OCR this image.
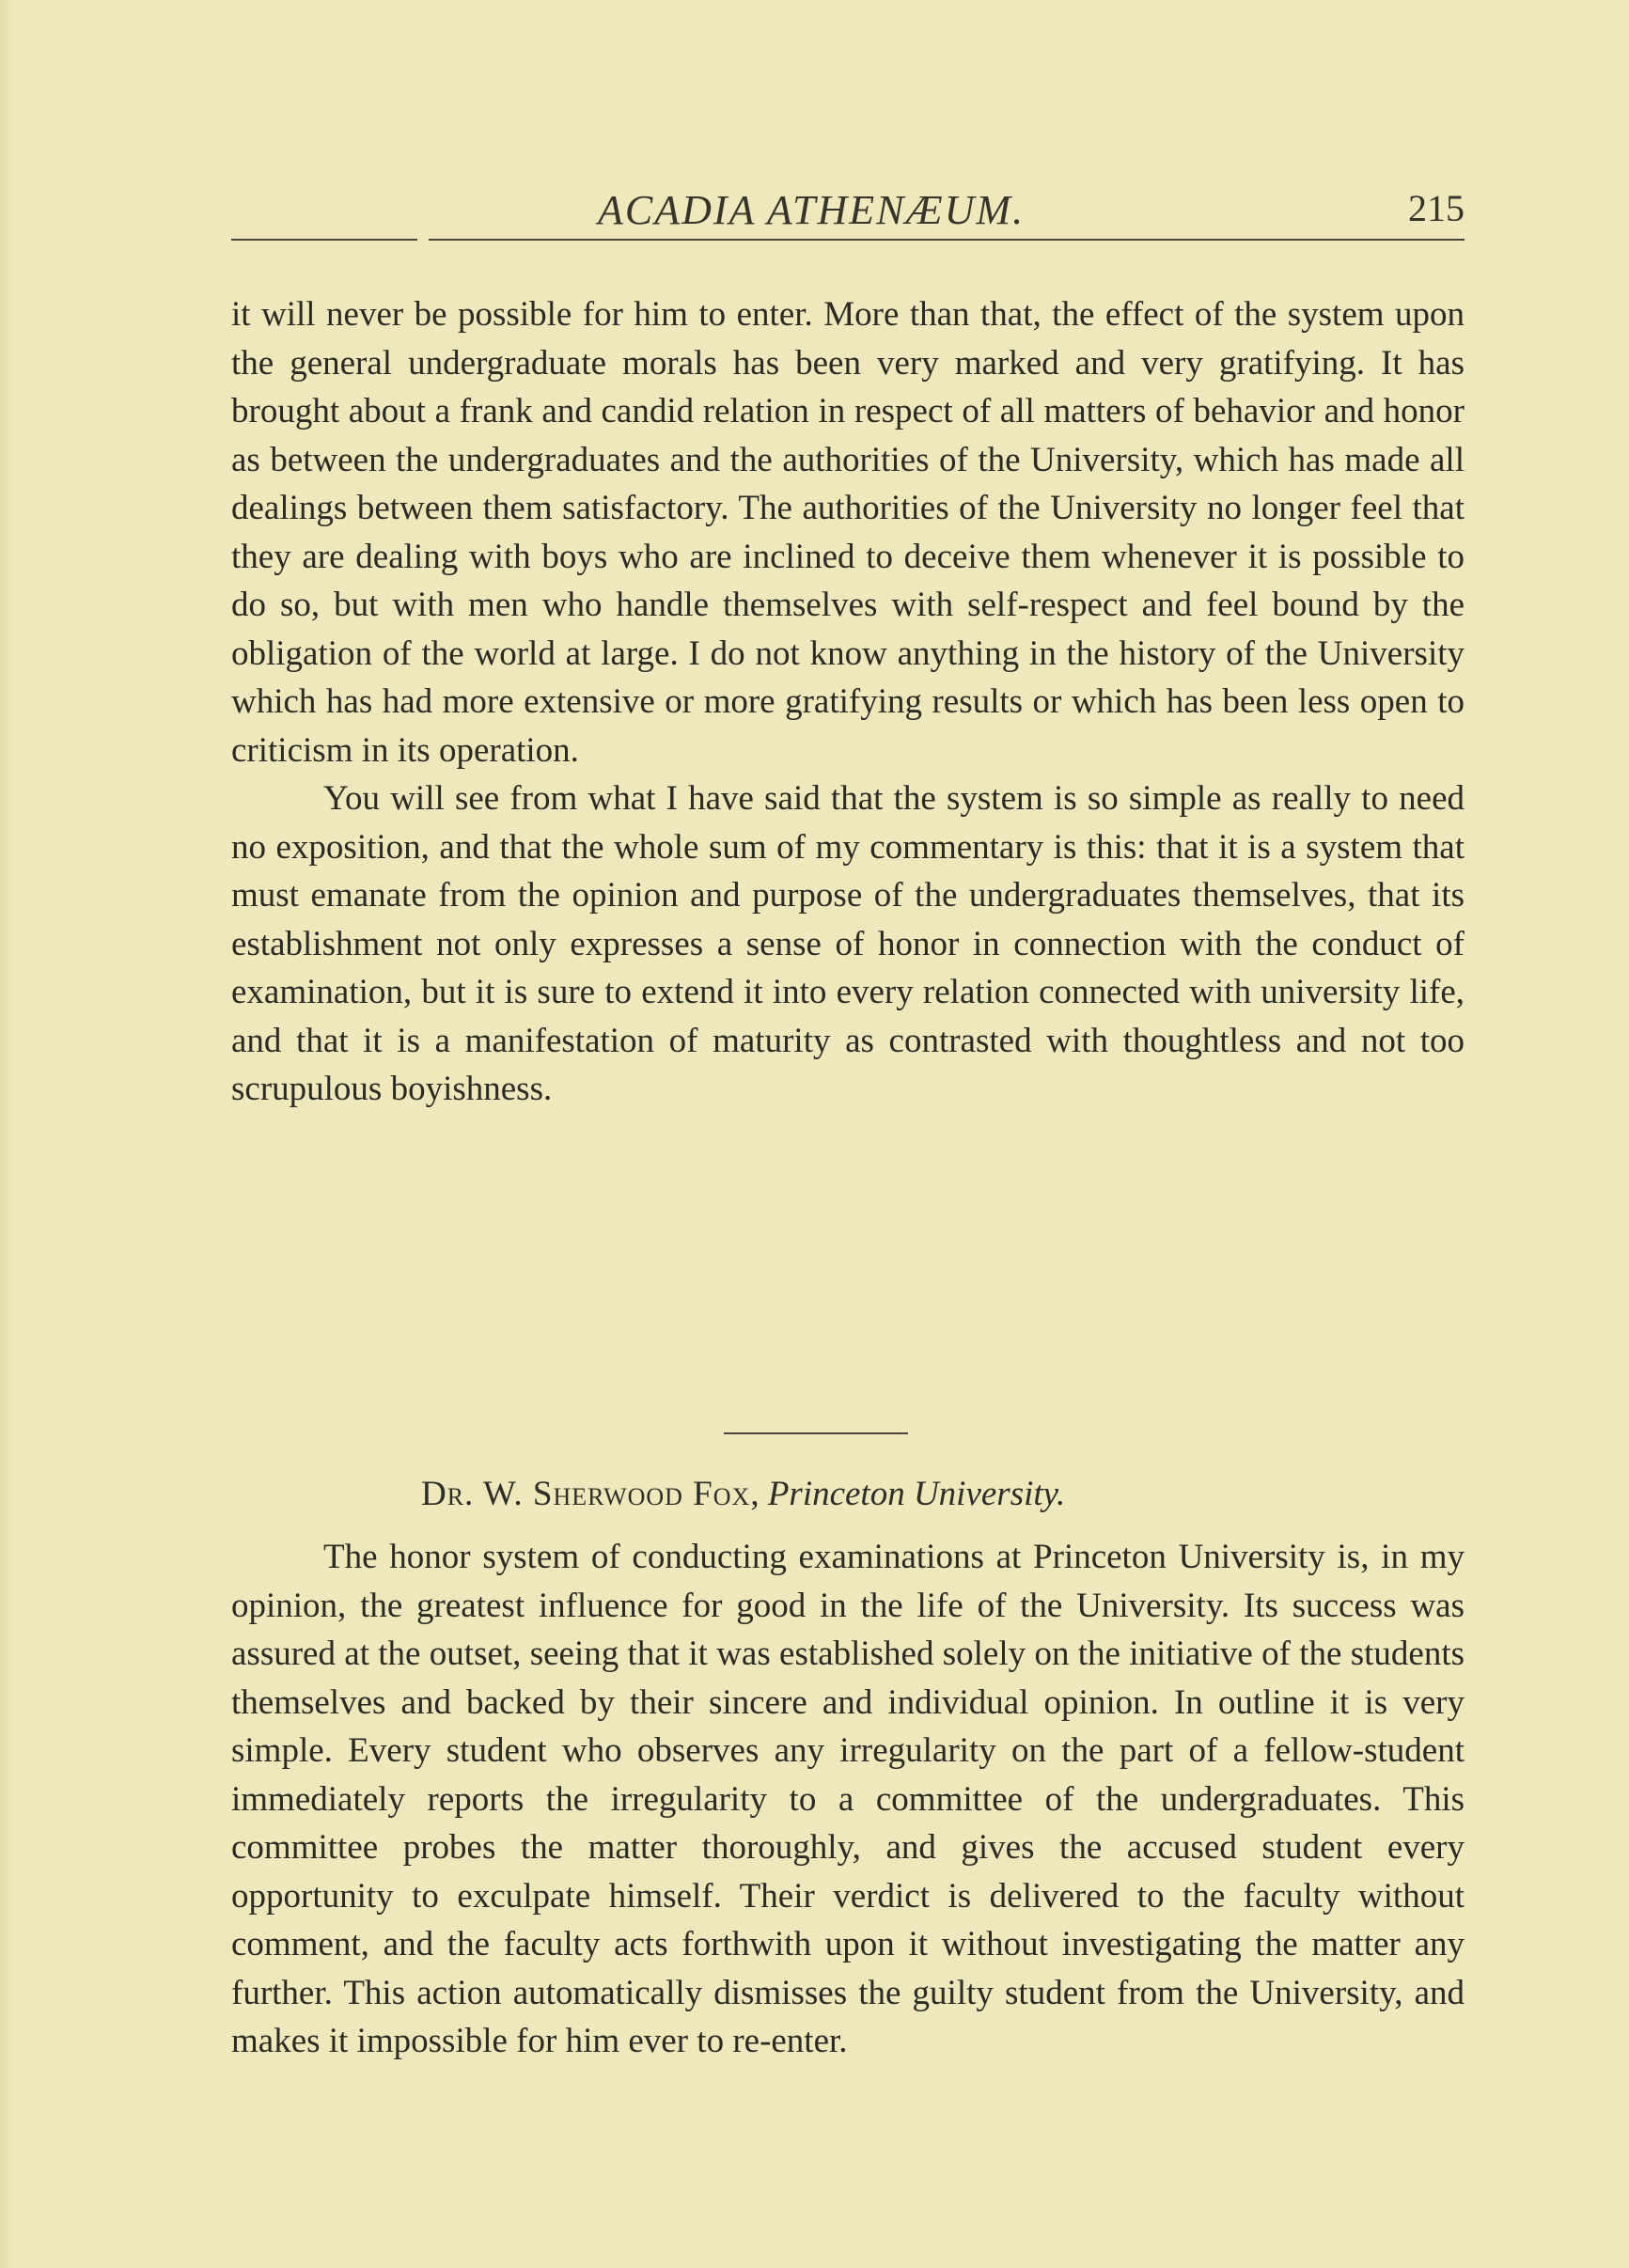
ACADIA ATHENÆUM.	215

it will never be possible for him to enter. More than that, the effect of the system upon the general undergraduate morals has been very marked and very gratifying. It has brought about a frank and candid relation in respect of all matters of behavior and honor as between the undergraduates and the authorities of the University, which has made all dealings between them satisfactory. The authorities of the University no longer feel that they are dealing with boys who are inclined to deceive them whenever it is possible to do so, but with men who handle themselves with self-respect and feel bound by the obligation of the world at large. I do not know anything in the history of the University which has had more extensive or more gratifying results or which has been less open to criticism in its operation.

You will see from what I have said that the system is so simple as really to need no exposition, and that the whole sum of my commentary is this: that it is a system that must emanate from the opinion and purpose of the undergraduates themselves, that its establishment not only expresses a sense of honor in connection with the conduct of examination, but it is sure to extend it into every relation connected with university life, and that it is a manifestation of maturity as contrasted with thoughtless and not too scrupulous boyishness.

Dr. W. Sherwood Fox, Princeton University.

The honor system of conducting examinations at Princeton University is, in my opinion, the greatest influence for good in the life of the University. Its success was assured at the outset, seeing that it was established solely on the initiative of the students themselves and backed by their sincere and individual opinion. In outline it is very simple. Every student who observes any irregularity on the part of a fellow-student immediately reports the irregularity to a committee of the undergraduates. This committee probes the matter thoroughly, and gives the accused student every opportunity to exculpate himself. Their verdict is delivered to the faculty without comment, and the faculty acts forthwith upon it without investigating the matter any further. This action automatically dismisses the guilty student from the University, and makes it impossible for him ever to re-enter.
